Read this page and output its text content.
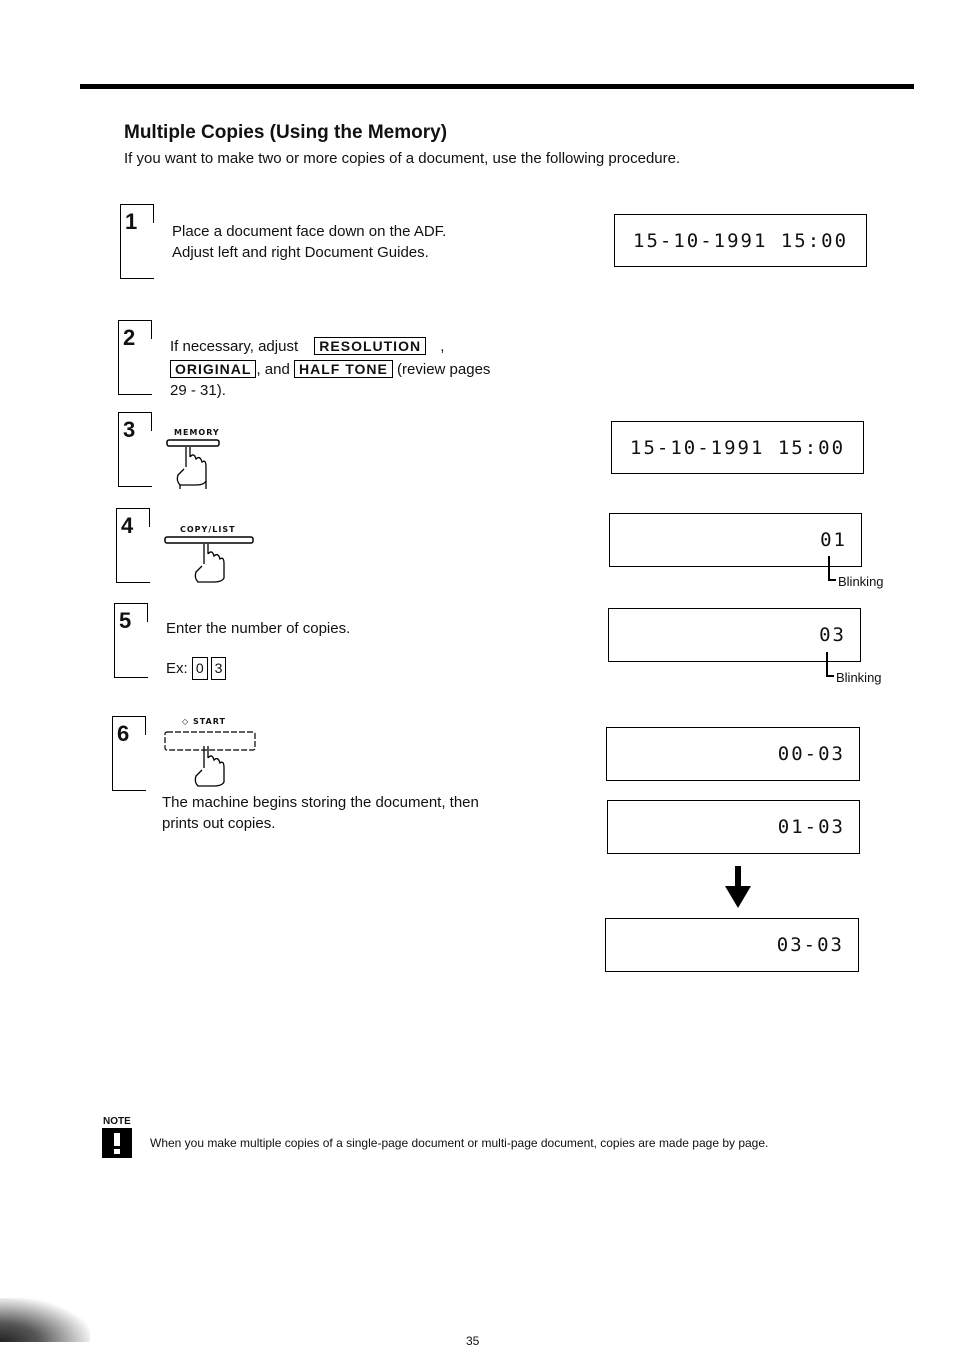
Multiple Copies (Using the Memory)
If you want to make two or more copies of a document, use the following procedure.
1 Place a document face down on the ADF.
Adjust left and right Document Guides.
2 If necessary, adjust RESOLUTION ,
ORIGINAL , and HALF TONE (review pages
29 - 31).
3	MEMORY
4	COPY/LIST
5 Enter the number of copies.
Ex: 0 3
6	◇ START
The machine begins storing the document, then
prints out copies.
15-10-1991 15:00
15-10-1991 15:00
01
Blinking
03
Blinking
00-03
01-03
03-03
NOTE
When you make multiple copies of a single-page document or multi-page document, copies are made page by page.
35
